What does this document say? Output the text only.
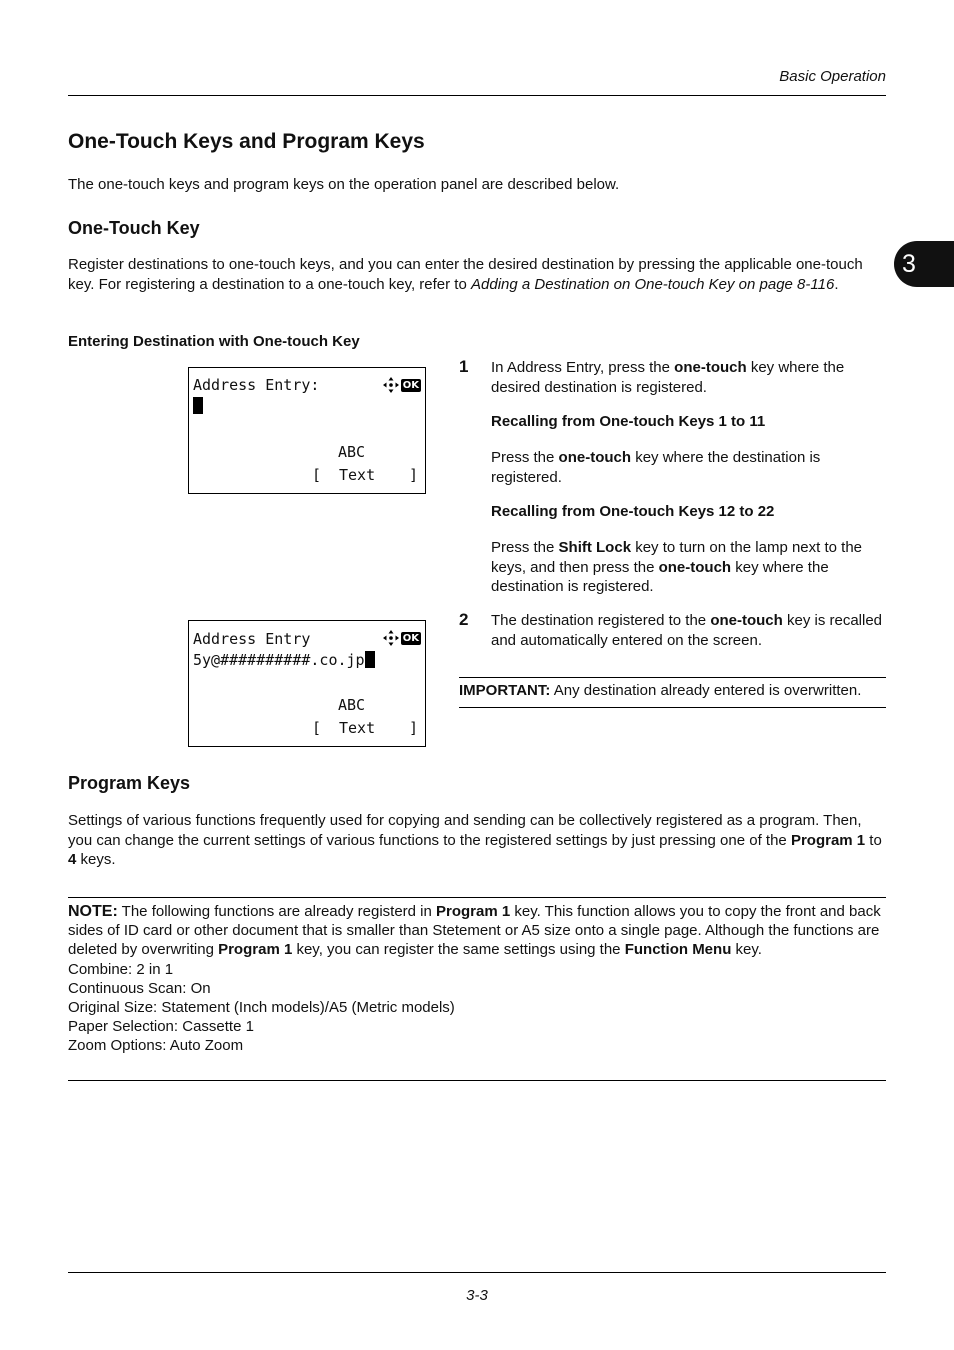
Basic Operation
3
One-Touch Keys and Program Keys

The one-touch keys and program keys on the operation panel are described below.

One-Touch Key

Register destinations to one-touch keys, and you can enter the desired destination by pressing the applicable one-touch key. For registering a destination to a one-touch key, refer to Adding a Destination on One-touch Key on page 8-116.

Entering Destination with One-touch Key
Address Entry:	OK
ABC
[ Text ]
Address Entry	OK
5y@##########.co.jp
ABC
[ Text ]
1 In Address Entry, press the one-touch key where the desired destination is registered.

Recalling from One-touch Keys 1 to 11

Press the one-touch key where the destination is registered.

Recalling from One-touch Keys 12 to 22

Press the Shift Lock key to turn on the lamp next to the keys, and then press the one-touch key where the destination is registered.

2 The destination registered to the one-touch key is recalled and automatically entered on the screen.

IMPORTANT: Any destination already entered is overwritten.

Program Keys

Settings of various functions frequently used for copying and sending can be collectively registered as a program. Then, you can change the current settings of various functions to the registered settings by just pressing one of the Program 1 to 4 keys.

NOTE: The following functions are already registerd in Program 1 key. This function allows you to copy the front and back sides of ID card or other document that is smaller than Stetement or A5 size onto a single page. Although the functions are deleted by overwriting Program 1 key, you can register the same settings using the Function Menu key.
Combine: 2 in 1
Continuous Scan: On
Original Size: Statement (Inch models)/A5 (Metric models)
Paper Selection: Cassette 1
Zoom Options: Auto Zoom
3-3
